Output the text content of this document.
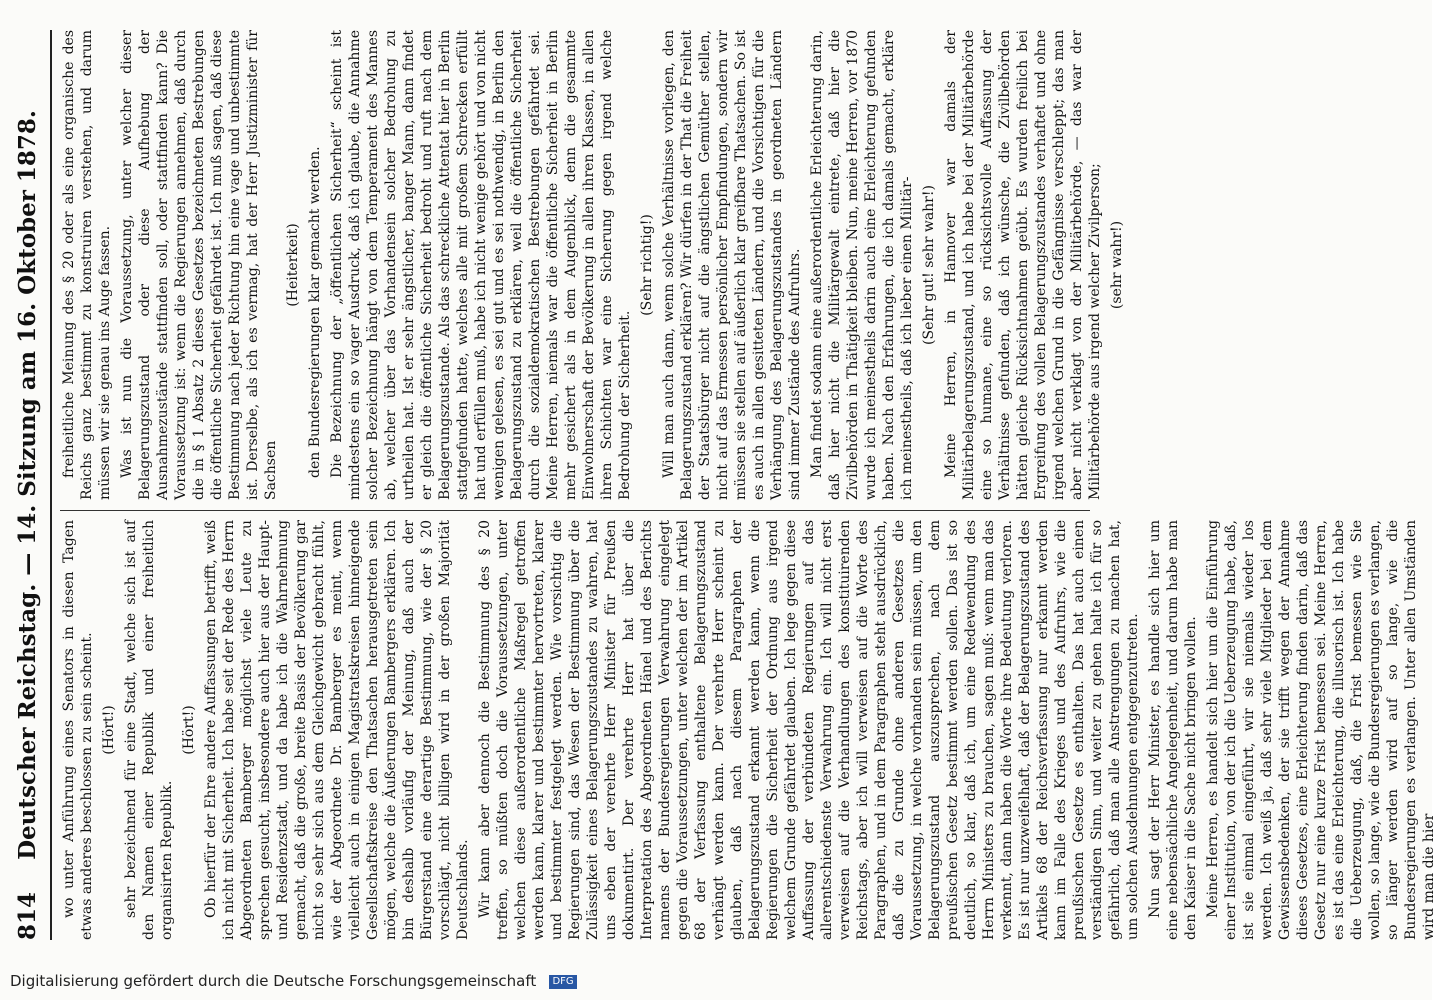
814
Deutscher Reichstag. — 14. Sitzung am 16. Oktober 1878. wo unter Anführung eines Senators in diesen Tagen etwas anderes beschlossen zu sein scheint. (Hört!) sehr bezeichnend für eine Stadt, welche sich ist auf den Namen einer Republik und einer freiheitlich organisirten Republik.

(Hört!) Ob hierfür der Ehre andere Auffassungen betrifft, weiß ich nicht mit Sicherheit. Ich habe seit der Rede des Herrn Abgeordneten Bamberger möglichst viele Leute zu sprechen gesucht, insbesondere auch hier aus der Haupt- und Residenzstadt, und da habe ich die Wahrnehmung gemacht, daß die große, breite Basis der Bevölkerung gar nicht so sehr sich aus dem Gleichgewicht gebracht fühlt, wie der Abgeordnete Dr. Bamberger es meint, wenn vielleicht auch in einigen Magistratskreisen hinneigende Gesellschaftskreise den Thatsachen herausgetreten sein mögen, welche die Äußerungen Bambergers erklären. Ich bin deshalb vorläufig der Meinung, daß auch der Bürgerstand eine derartige Bestimmung, wie der § 20 vorschlägt, nicht billigen wird in der großen Majorität Deutschlands. Wir kann aber dennoch die Bestimmung des § 20 treffen, so müßten doch die Voraussetzungen, unter welchen diese außerordentliche Maßregel getroffen werden kann, klarer und bestimmter hervortreten, klarer und bestimmter festgelegt werden. Wie vorsichtig die Regierungen sind, das Wesen der Bestimmung über die Zulässigkeit eines Belagerungszustandes zu wahren, hat uns eben der verehrte Herr Minister für Preußen dokumentirt. Der verehrte Herr hat über die Interpretation des Abgeordneten Hänel und des Berichts namens der Bundesregierungen Verwahrung eingelegt gegen die Voraussetzungen, unter welchen der im Artikel 68 der Verfassung enthaltene Belagerungszustand verhängt werden kann. Der verehrte Herr scheint zu glauben, daß nach diesem Paragraphen der Belagerungszustand erkannt werden kann, wenn die Regierungen die Sicherheit der Ordnung aus irgend welchem Grunde gefährdet glauben. Ich lege gegen diese Auffassung der verbündeten Regierungen auf das allerentschiedenste Verwahrung ein. Ich will nicht erst verweisen auf die Verhandlungen des konstituirenden Reichstags, aber ich will verweisen auf die Worte des Paragraphen, und in dem Paragraphen steht ausdrücklich, daß die zu Grunde ohne anderen Gesetzes die Voraussetzung, in welche vorhanden sein müssen, um den Belagerungszustand auszusprechen, nach dem preußischen Gesetz bestimmt werden sollen. Das ist so deutlich, so klar, daß ich, um eine Redewendung des Herrn Ministers zu brauchen, sagen muß: wenn man das verkennt, dann haben die Worte ihre Bedeutung verloren. Es ist nur unzweifelhaft, daß der Belagerungszustand des Artikels 68 der Reichsverfassung nur erkannt werden kann im Falle des Krieges und des Aufruhrs, wie die preußischen Gesetze es enthalten. Das hat auch einen verständigen Sinn, und weiter zu gehen halte ich für so gefährlich, daß man alle Anstrengungen zu machen hat, um solchen Ausdehnungen entgegenzutreten. Nun sagt der Herr Minister, es handle sich hier um eine nebensächliche Angelegenheit, und darum habe man den Kaiser in die Sache nicht bringen wollen. Meine Herren, es handelt sich hier um die Einführung einer Institution, von der ich die Ueberzeugung habe, daß, ist sie einmal eingeführt, wir sie niemals wieder los werden. Ich weiß ja, daß sehr viele Mitglieder bei dem Gewissensbedenken, der sie trifft wegen der Annahme dieses Gesetzes, eine Erleichterung finden darin, daß das Gesetz nur eine kurze Frist bemessen sei. Meine Herren, es ist das eine Erleichterung, die illusorisch ist. Ich habe die Ueberzeugung, daß, die Frist bemessen wie Sie wollen, so lange, wie die Bundesregierungen es verlangen, so länger werden wird auf so lange, wie die Bundesregierungen es verlangen. Unter allen Umständen wird man die hier

freiheitliche Meinung des § 20 oder als eine organische des Reichs ganz bestimmt zu konstruiren verstehen, und darum müssen wir sie genau ins Auge fassen. Was ist nun die Voraussetzung, unter welcher dieser Belagerungszustand oder diese Aufhebung der Ausnahmezustände stattfinden soll, oder stattfinden kann? Die Voraussetzung ist: wenn die Regierungen annehmen, daß durch die in § 1 Absatz 2 dieses Gesetzes bezeichneten Bestrebungen die öffentliche Sicherheit gefährdet ist. Ich muß sagen, daß diese Bestimmung nach jeder Richtung hin eine vage und unbestimmte ist. Derselbe, als ich es vermag, hat der Herr Justizminister für Sachsen

(Heiterkeit) den Bundesregierungen klar gemacht werden. Die Bezeichnung der „öffentlichen Sicherheit“ scheint ist mindestens ein so vager Ausdruck, daß ich glaube, die Annahme solcher Bezeichnung hängt von dem Temperament des Mannes ab, welcher über das Vorhandensein solcher Bedrohung zu urtheilen hat. Ist er sehr ängstlicher, banger Mann, dann findet er gleich die öffentliche Sicherheit bedroht und ruft nach dem Belagerungszustande. Als das schreckliche Attentat hier in Berlin stattgefunden hatte, welches alle mit großem Schrecken erfüllt hat und erfüllen muß, habe ich nicht wenige gehört und von nicht wenigen gelesen, es sei gut und es sei nothwendig, in Berlin den Belagerungszustand zu erklären, weil die öffentliche Sicherheit durch die sozialdemokratischen Bestrebungen gefährdet sei. Meine Herren, niemals war die öffentliche Sicherheit in Berlin mehr gesichert als in dem Augenblick, denn die gesammte Einwohnerschaft der Bevölkerung in allen ihren Klassen, in allen ihren Schichten war eine Sicherung gegen irgend welche Bedrohung der Sicherheit.

(Sehr richtig!) Will man auch dann, wenn solche Verhältnisse vorliegen, den Belagerungszustand erklären? Wir dürfen in der That die Freiheit der Staatsbürger nicht auf die ängstlichen Gemüther stellen, nicht auf das Ermessen persönlicher Empfindungen, sondern wir müssen sie stellen auf äußerlich klar greifbare Thatsachen. So ist es auch in allen gesitteten Ländern, und die Vorsichtigen für die Verhängung des Belagerungszustandes in geordneten Ländern sind immer Zustände des Aufruhrs. Man findet sodann eine außerordentliche Erleichterung darin, daß hier nicht die Militärgewalt eintrete, daß hier die Zivilbehörden in Thätigkeit bleiben. Nun, meine Herren, vor 1870 wurde ich meinestheils darin auch eine Erleichterung gefunden haben. Nach den Erfahrungen, die ich damals gemacht, erkläre ich meinestheils, daß ich lieber einen Militär- (Sehr gut! sehr wahr!) Meine Herren, in Hannover war damals der Militärbelagerungszustand, und ich habe bei der Militärbehörde eine so humane, eine so rücksichtsvolle Auffassung der Verhältnisse gefunden, daß ich wünsche, die Zivilbehörden hätten gleiche Rücksichtnahmen geübt. Es wurden freilich bei Ergreifung des vollen Belagerungszustandes verhaftet und ohne irgend welchen Grund in die Gefängnisse verschleppt; das man aber nicht verklagt von der Militärbehörde, — das war der Militärbehörde aus irgend welcher Zivilperson; (sehr wahr!)

Digitalisierung gefördert durch die Deutsche Forschungsgemeinschaft DFG
